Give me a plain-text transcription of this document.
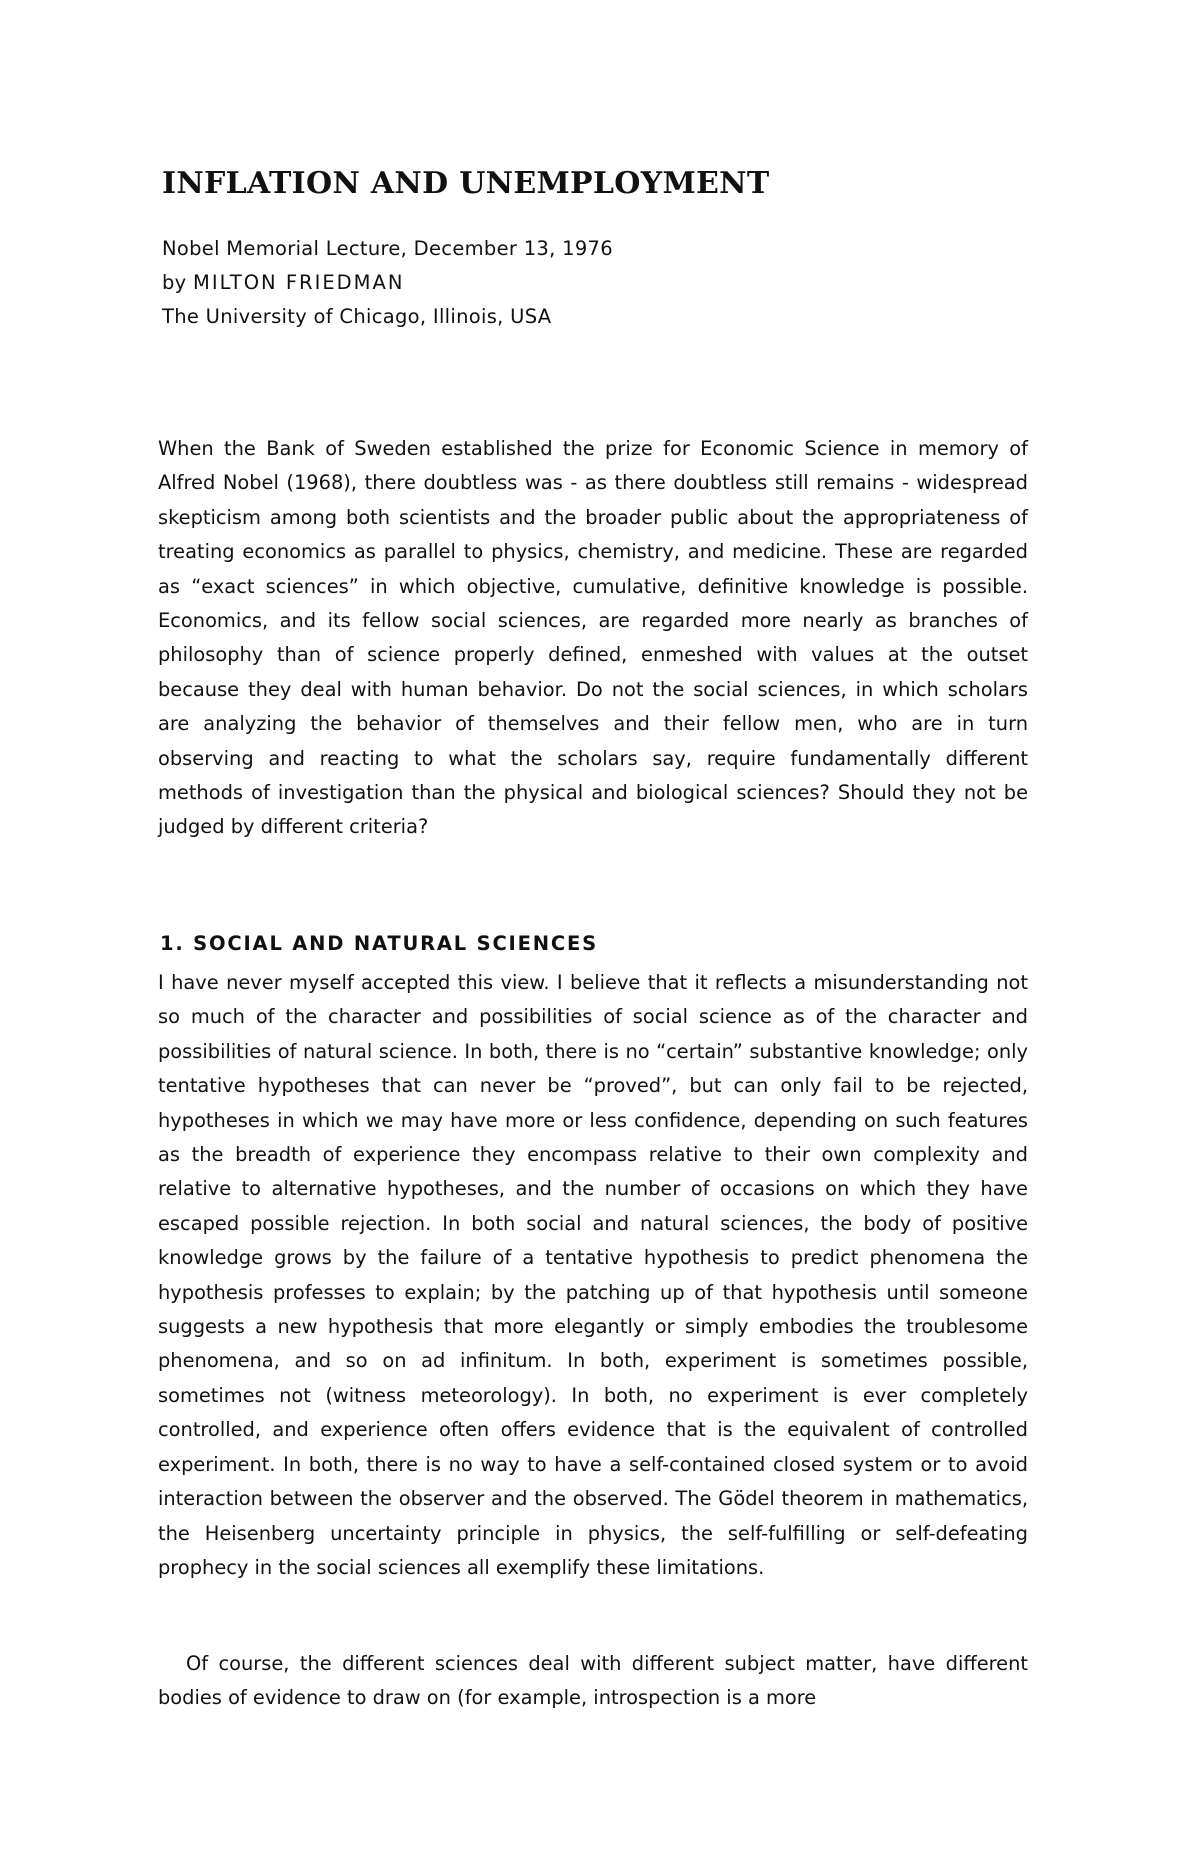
INFLATION AND UNEMPLOYMENT

Nobel Memorial Lecture, December 13, 1976

by MILTON FRIEDMAN

The University of Chicago, Illinois, USA

When the Bank of Sweden established the prize for Economic Science in memory of Alfred Nobel (1968), there doubtless was - as there doubtless still remains - widespread skepticism among both scientists and the broader public about the appropriateness of treating economics as parallel to physics, chemistry, and medicine. These are regarded as “exact sciences” in which objective, cumulative, definitive knowledge is possible. Economics, and its fellow social sciences, are regarded more nearly as branches of philosophy than of science properly defined, enmeshed with values at the outset because they deal with human behavior. Do not the social sciences, in which scholars are analyzing the behavior of themselves and their fellow men, who are in turn observing and reacting to what the scholars say, require fundamentally different methods of investigation than the physical and biological sciences? Should they not be judged by different criteria?

1. SOCIAL AND NATURAL SCIENCES

I have never myself accepted this view. I believe that it reflects a misunderstanding not so much of the character and possibilities of social science as of the character and possibilities of natural science. In both, there is no “certain” substantive knowledge; only tentative hypotheses that can never be “proved”, but can only fail to be rejected, hypotheses in which we may have more or less confidence, depending on such features as the breadth of experience they encompass relative to their own complexity and relative to alternative hypotheses, and the number of occasions on which they have escaped possible rejection. In both social and natural sciences, the body of positive knowledge grows by the failure of a tentative hypothesis to predict phenomena the hypothesis professes to explain; by the patching up of that hypothesis until someone suggests a new hypothesis that more elegantly or simply embodies the troublesome phenomena, and so on ad infinitum. In both, experiment is sometimes possible, sometimes not (witness meteorology). In both, no experiment is ever completely controlled, and experience often offers evidence that is the equivalent of controlled experiment. In both, there is no way to have a self-contained closed system or to avoid interaction between the observer and the observed. The Gödel theorem in mathematics, the Heisenberg uncertainty principle in physics, the self-fulfilling or self-defeating prophecy in the social sciences all exemplify these limitations.

Of course, the different sciences deal with different subject matter, have different bodies of evidence to draw on (for example, introspection is a more
